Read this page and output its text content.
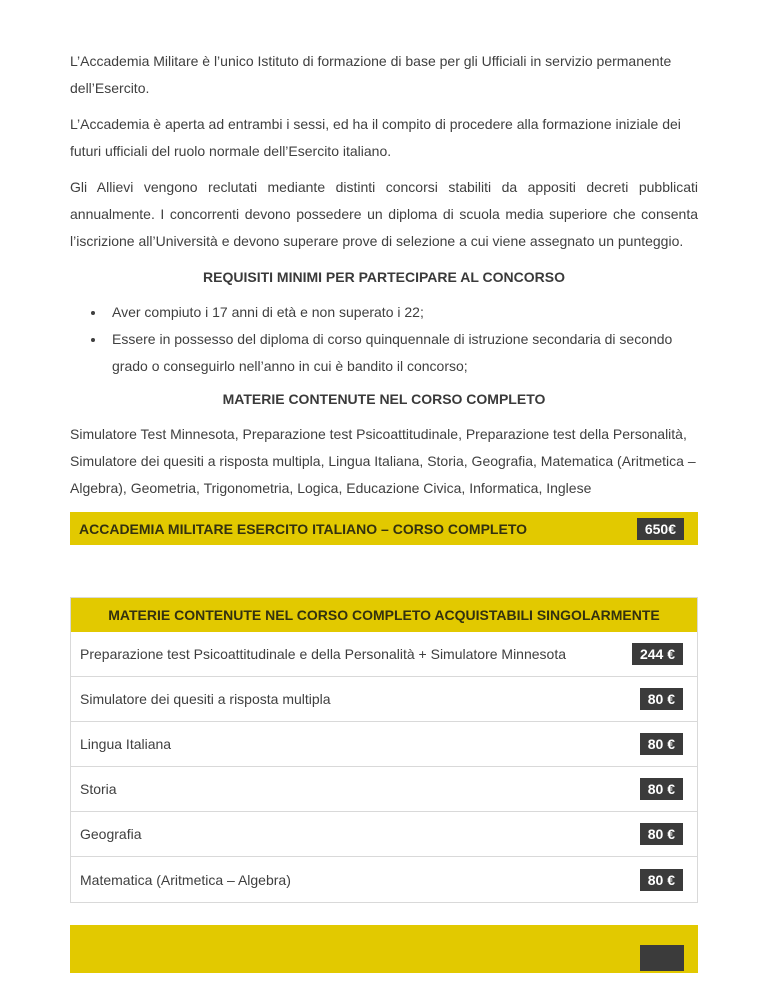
L’Accademia Militare è l’unico Istituto di formazione di base per gli Ufficiali in servizio permanente dell’Esercito.

L’Accademia è aperta ad entrambi i sessi, ed ha il compito di procedere alla formazione iniziale dei futuri ufficiali del ruolo normale dell’Esercito italiano.

Gli Allievi vengono reclutati mediante distinti concorsi stabiliti da appositi decreti pubblicati annualmente. I concorrenti devono possedere un diploma di scuola media superiore che consenta l’iscrizione all’Università e devono superare prove di selezione a cui viene assegnato un punteggio.

REQUISITI MINIMI PER PARTECIPARE AL CONCORSO
• Aver compiuto i 17 anni di età e non superato i 22;
• Essere in possesso del diploma di corso quinquennale di istruzione secondaria di secondo grado o conseguirlo nell’anno in cui è bandito il concorso;
MATERIE CONTENUTE NEL CORSO COMPLETO

Simulatore Test Minnesota, Preparazione test Psicoattitudinale, Preparazione test della Personalità, Simulatore dei quesiti a risposta multipla, Lingua Italiana, Storia, Geografia, Matematica (Aritmetica – Algebra), Geometria, Trigonometria, Logica, Educazione Civica, Informatica, Inglese

ACCADEMIA MILITARE ESERCITO ITALIANO – CORSO COMPLETO	650€
MATERIE CONTENUTE NEL CORSO COMPLETO ACQUISTABILI SINGOLARMENTE
Preparazione test Psicoattitudinale e della Personalità + Simulatore Minnesota	244 €
Simulatore dei quesiti a risposta multipla	80 €
Lingua Italiana	80 €
Storia	80 €
Geografia	80 €
Matematica (Aritmetica – Algebra)	80 €
